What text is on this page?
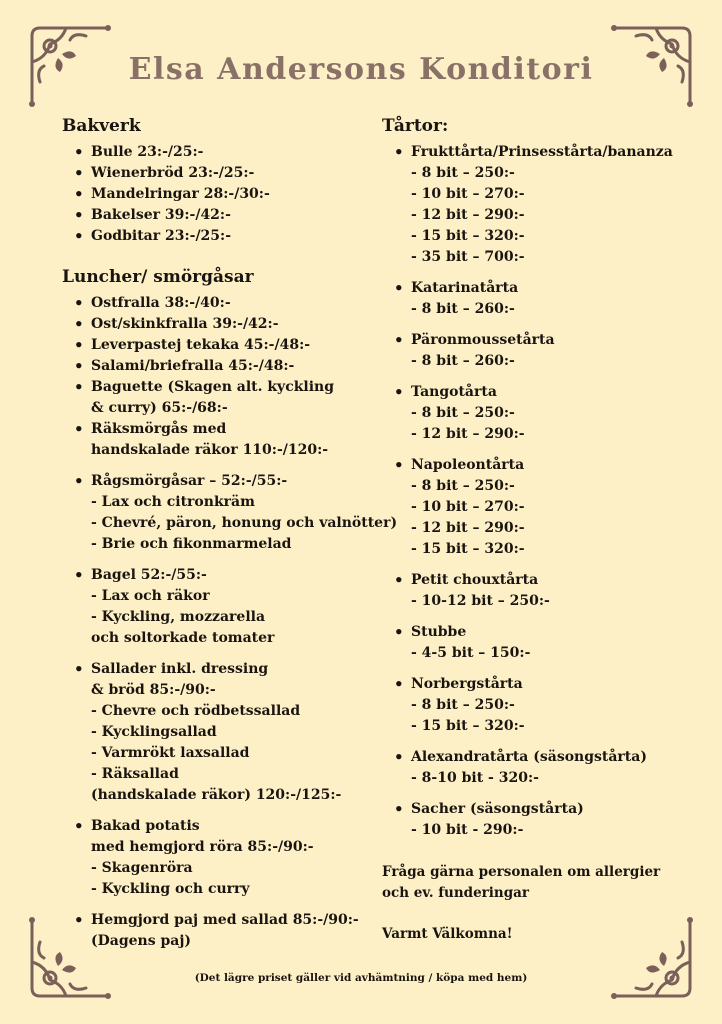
Elsa Andersons Konditori
Bakverk
• Bulle 23:-/25:-
• Wienerbröd 23:-/25:-
• Mandelringar 28:-/30:-
• Bakelser 39:-/42:-
• Godbitar 23:-/25:-
Luncher/ smörgåsar
• Ostfralla 38:-/40:-
• Ost/skinkfralla 39:-/42:-
• Leverpastej tekaka 45:-/48:-
• Salami/briefralla 45:-/48:-
• Baguette (Skagen alt. kyckling
& curry) 65:-/68:-
• Räksmörgås med
handskalade räkor 110:-/120:-
• Rågsmörgåsar – 52:-/55:-
- Lax och citronkräm
- Chevré, päron, honung och valnötter)
- Brie och fikonmarmelad
• Bagel 52:-/55:-
- Lax och räkor
- Kyckling, mozzarella
och soltorkade tomater
• Sallader inkl. dressing
& bröd 85:-/90:-
- Chevre och rödbetssallad
- Kycklingsallad
- Varmrökt laxsallad
- Räksallad
(handskalade räkor) 120:-/125:-
• Bakad potatis
med hemgjord röra 85:-/90:-
- Skagenröra
- Kyckling och curry
• Hemgjord paj med sallad 85:-/90:-
(Dagens paj)
Tårtor:
• Frukttårta/Prinsesstårta/bananza
- 8 bit – 250:-
- 10 bit – 270:-
- 12 bit – 290:-
- 15 bit – 320:-
- 35 bit – 700:-
• Katarinatårta
- 8 bit – 260:-
• Päronmoussetårta
- 8 bit – 260:-
• Tangotårta
- 8 bit – 250:-
- 12 bit – 290:-
• Napoleontårta
- 8 bit – 250:-
- 10 bit – 270:-
- 12 bit – 290:-
- 15 bit – 320:-
• Petit chouxtårta
- 10-12 bit – 250:-
• Stubbe
- 4-5 bit – 150:-
• Norbergstårta
- 8 bit – 250:-
- 15 bit – 320:-
• Alexandratårta (säsongstårta)
- 8-10 bit - 320:-
• Sacher (säsongstårta)
- 10 bit - 290:-
Fråga gärna personalen om allergier
och ev. funderingar
Varmt Välkomna!
(Det lägre priset gäller vid avhämtning / köpa med hem)
